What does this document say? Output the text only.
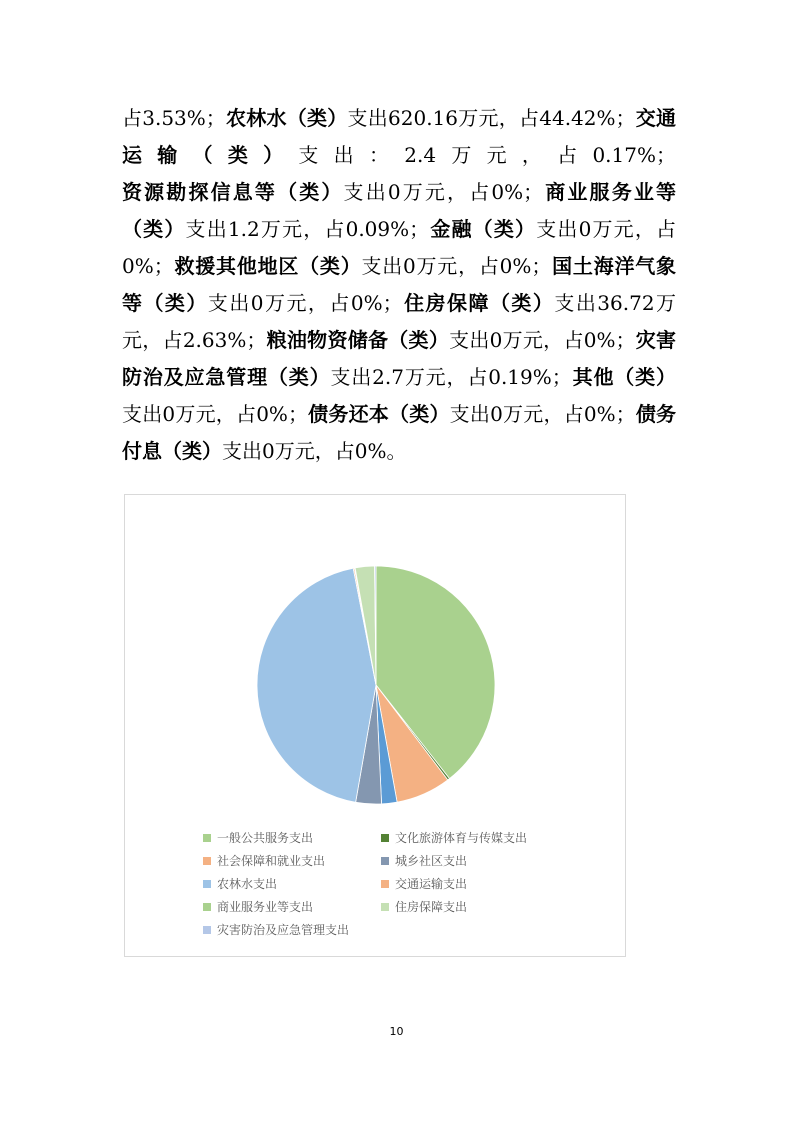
占3.53%；农林水（类）支出620.16万元，占44.42%；交通运输（类）支出：2.4万元，占0.17%；资源勘探信息等（类）支出0万元，占0%；商业服务业等（类）支出1.2万元，占0.09%；金融（类）支出0万元，占0%；救援其他地区（类）支出0万元，占0%；国土海洋气象等（类）支出0万元，占0%；住房保障（类）支出36.72万元，占2.63%；粮油物资储备（类）支出0万元，占0%；灾害防治及应急管理（类）支出2.7万元，占0.19%；其他（类）支出0万元，占0%；债务还本（类）支出0万元，占0%；债务付息（类）支出0万元，占0%。
一般公共服务支出	文化旅游体育与传媒支出
社会保障和就业支出	城乡社区支出
农林水支出	交通运输支出
商业服务业等支出	住房保障支出
灾害防治及应急管理支出
10
